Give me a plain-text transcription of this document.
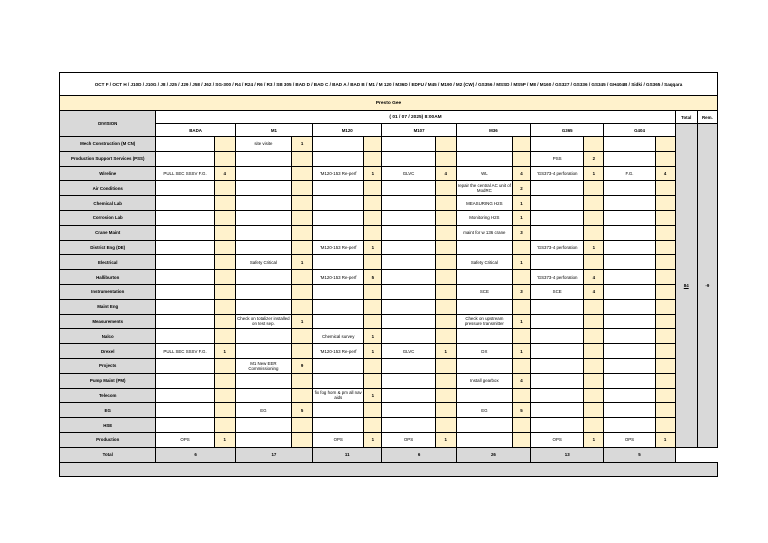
OCT F / OCT H / J10D / J10G / J8 / J25 / J29 / J58 / J62 / SG-300 / R4 / R24 / R6 / R3 / SB 305 / BAD D / BAD C / BAD A / BAD B / M1 / M 120 / M36D / EDFU / M45 / M190 / M2 (CW) / GS356 / MSSD / MS5P / M8 / M160 / GS327 / GS336 / GS345 / GH404B / Sidki / GS365 / Saqqara																
Presto Gee																
DIVISION	( 01 / 07 / 2025) 8:00AM														Total	Rem.
	BADA		M1		M120		M107		M36		G365		G404		84	-9
Mech Construction (M CN)			site visite	1												
Production Support Services (PSS)											PSS	2				
Wireline	PULL SEC SSSV F.G.	4			'M120-153 Re-perf	1	GLVC	4	WL	4	'GS373-4 perforation	1	F.G.	4		
Air Conditions									repair the central AC unit of ModRC	2						
Chemical Lab									MEASURING H2S	1						
Corrosion Lab									Monitoring H2S	1						
Crane Maint									maint for w 136 crane	3						
District Eng (DE)					'M120-153 Re-perf	1					'GS373-4 perforation	1				
Electrical			Safety Critical	1					Safety Critical	1						
Halliburton					'M120-153 Re-perf	5					'GS373-4 perforation	4				
Instrumentation									SCE	3	SCE	4				
Maint Eng																
Measurements			Check on totalizer installed on test sep.	1					Check on upstream pressure transmitter	1						
Nalco					Chemical survey	1										
Drexel	PULL SEC SSSV F.G.	1			'M120-153 Re-perf	1	GLVC	1	DX	1						
Projects			M1 New EER Commissioning	9												
Pump Maint (PM)									Install gearbox	4						
Telecom					fix fog horn & pm all nav aids	1										
EG			EG	5					EG	5						
HSE																
Production	OPS	1			OPS	1	OPS	1			OPS	1	OPS	1		
Total	6		17		11		6		26		13		5			
